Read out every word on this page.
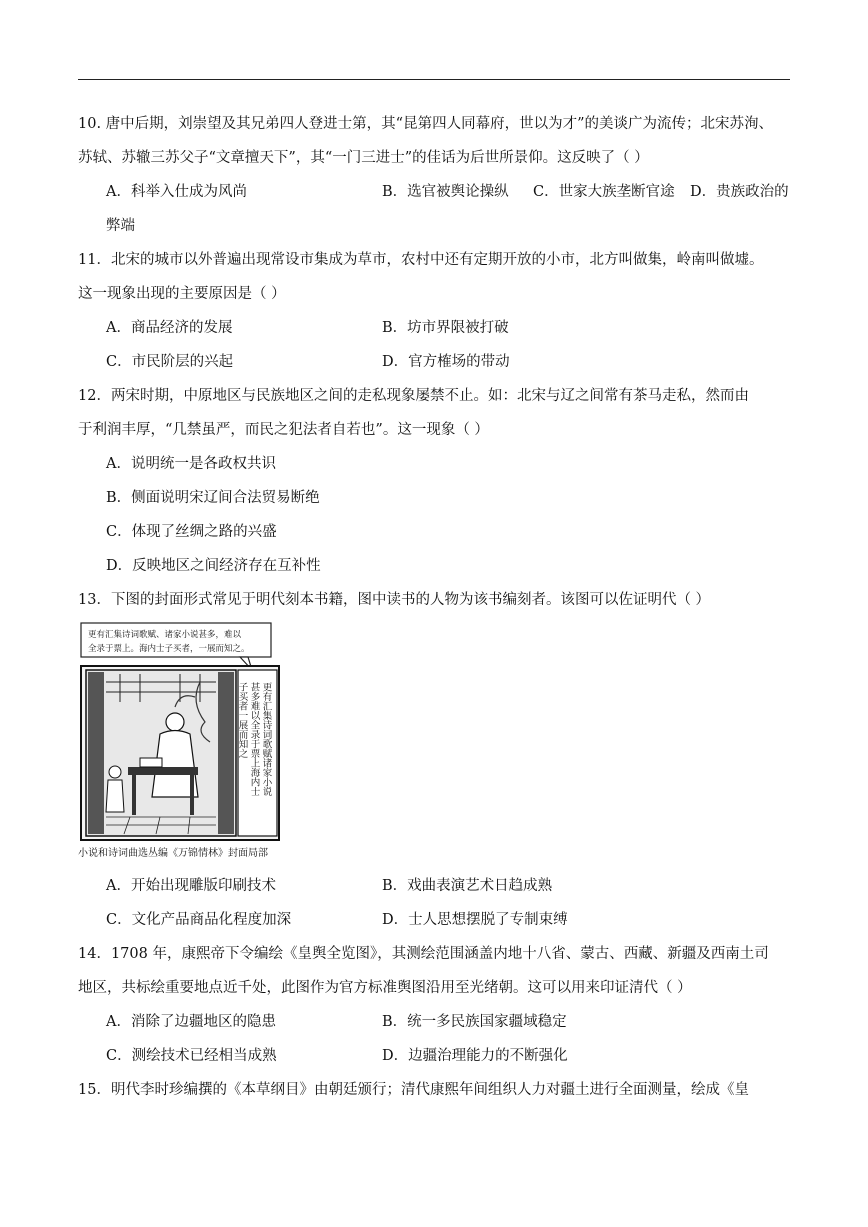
10. 唐中后期，刘崇望及其兄弟四人登进士第，其“昆第四人同幕府，世以为才”的美谈广为流传；北宋苏洵、
苏轼、苏辙三苏父子“文章擅天下”，其“一门三进士”的佳话为后世所景仰。这反映了（ ）
A．科举入仕成为风尚	B．选官被舆论操纵 C．世家大族垄断官途 D．贵族政治的
弊端
11．北宋的城市以外普遍出现常设市集成为草市，农村中还有定期开放的小市，北方叫做集，岭南叫做墟。
这一现象出现的主要原因是（ ）
A．商品经济的发展	B．坊市界限被打破
C．市民阶层的兴起	D．官方榷场的带动
12．两宋时期，中原地区与民族地区之间的走私现象屡禁不止。如：北宋与辽之间常有茶马走私，然而由
于利润丰厚，“几禁虽严，而民之犯法者自若也”。这一现象（ ）
A．说明统一是各政权共识
B．侧面说明宋辽间合法贸易断绝
C．体现了丝绸之路的兴盛
D．反映地区之间经济存在互补性
13．下图的封面形式常见于明代刻本书籍，图中读书的人物为该书编刻者。该图可以佐证明代（ ）
更有汇集诗词歌赋、诸家小说甚多，难以
全录于票上。海内士子买者，一展而知之。
更有汇集诗词歌赋诸家小说
甚多难以全录于票上海内士
子买者一展而知之
小说和诗词曲选丛编《万锦情林》封面局部
A．开始出现雕版印刷技术	B．戏曲表演艺术日趋成熟
C．文化产品商品化程度加深	D．士人思想摆脱了专制束缚
14．1708 年，康熙帝下令编绘《皇舆全览图》，其测绘范围涵盖内地十八省、蒙古、西藏、新疆及西南土司
地区，共标绘重要地点近千处，此图作为官方标准舆图沿用至光绪朝。这可以用来印证清代（ ）
A．消除了边疆地区的隐患	B．统一多民族国家疆域稳定
C．测绘技术已经相当成熟	D．边疆治理能力的不断强化
15．明代李时珍编撰的《本草纲目》由朝廷颁行；清代康熙年间组织人力对疆土进行全面测量，绘成《皇
